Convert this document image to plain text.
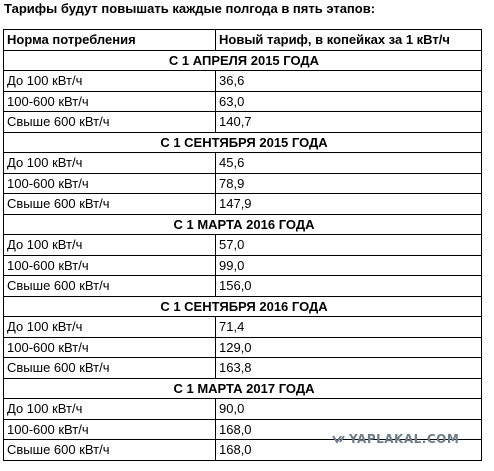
Тарифы будут повышать каждые полгода в пять этапов:
Норма потребления	Новый тариф, в копейках за 1 кВт/ч
С 1 АПРЕЛЯ 2015 ГОДА	
До 100 кВт/ч	36,6
100-600 кВт/ч	63,0
Свыше 600 кВт/ч	140,7
С 1 СЕНТЯБРЯ 2015 ГОДА	
До 100 кВт/ч	45,6
100-600 кВт/ч	78,9
Свыше 600 кВт/ч	147,9
С 1 МАРТА 2016 ГОДА	
До 100 кВт/ч	57,0
100-600 кВт/ч	99,0
Свыше 600 кВт/ч	156,0
С 1 СЕНТЯБРЯ 2016 ГОДА	
До 100 кВт/ч	71,4
100-600 кВт/ч	129,0
Свыше 600 кВт/ч	163,8
С 1 МАРТА 2017 ГОДА	
До 100 кВт/ч	90,0
100-600 кВт/ч	168,0
Свыше 600 кВт/ч	168,0
YAPLAKAL.COM
